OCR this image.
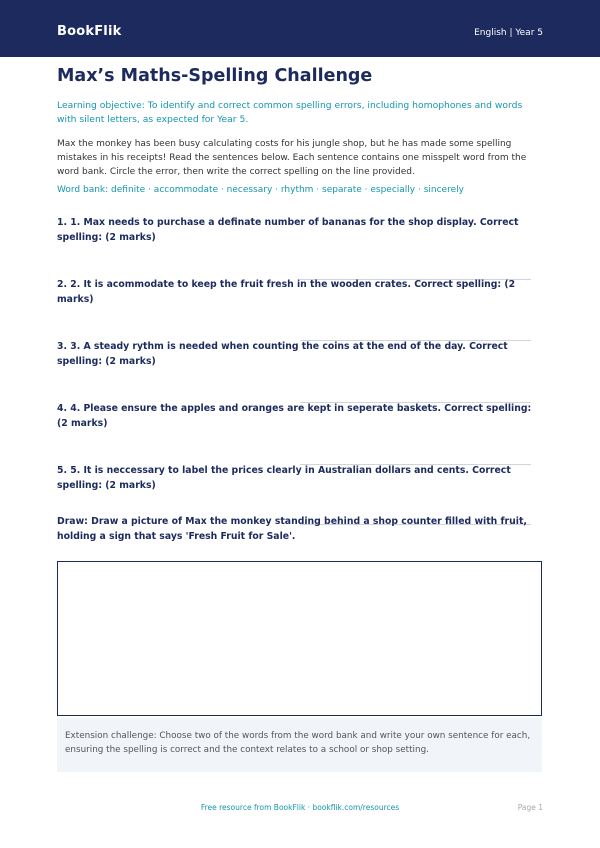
BookFlik	English | Year 5
Max’s Maths-Spelling Challenge
Learning objective: To identify and correct common spelling errors, including homophones and words with silent letters, as expected for Year 5.
Max the monkey has been busy calculating costs for his jungle shop, but he has made some spelling mistakes in his receipts! Read the sentences below. Each sentence contains one misspelt word from the word bank. Circle the error, then write the correct spelling on the line provided.
Word bank: definite · accommodate · necessary · rhythm · separate · especially · sincerely
1. 1. Max needs to purchase a definate number of bananas for the shop display. Correct spelling: (2 marks)
2. 2. It is acommodate to keep the fruit fresh in the wooden crates. Correct spelling: (2 marks)
3. 3. A steady rythm is needed when counting the coins at the end of the day. Correct spelling: (2 marks)
4. 4. Please ensure the apples and oranges are kept in seperate baskets. Correct spelling: (2 marks)
5. 5. It is neccessary to label the prices clearly in Australian dollars and cents. Correct spelling: (2 marks)
Draw: Draw a picture of Max the monkey standing behind a shop counter filled with fruit, holding a sign that says 'Fresh Fruit for Sale'.
Extension challenge: Choose two of the words from the word bank and write your own sentence for each, ensuring the spelling is correct and the context relates to a school or shop setting.
Free resource from BookFlik · bookflik.com/resources	Page 1
